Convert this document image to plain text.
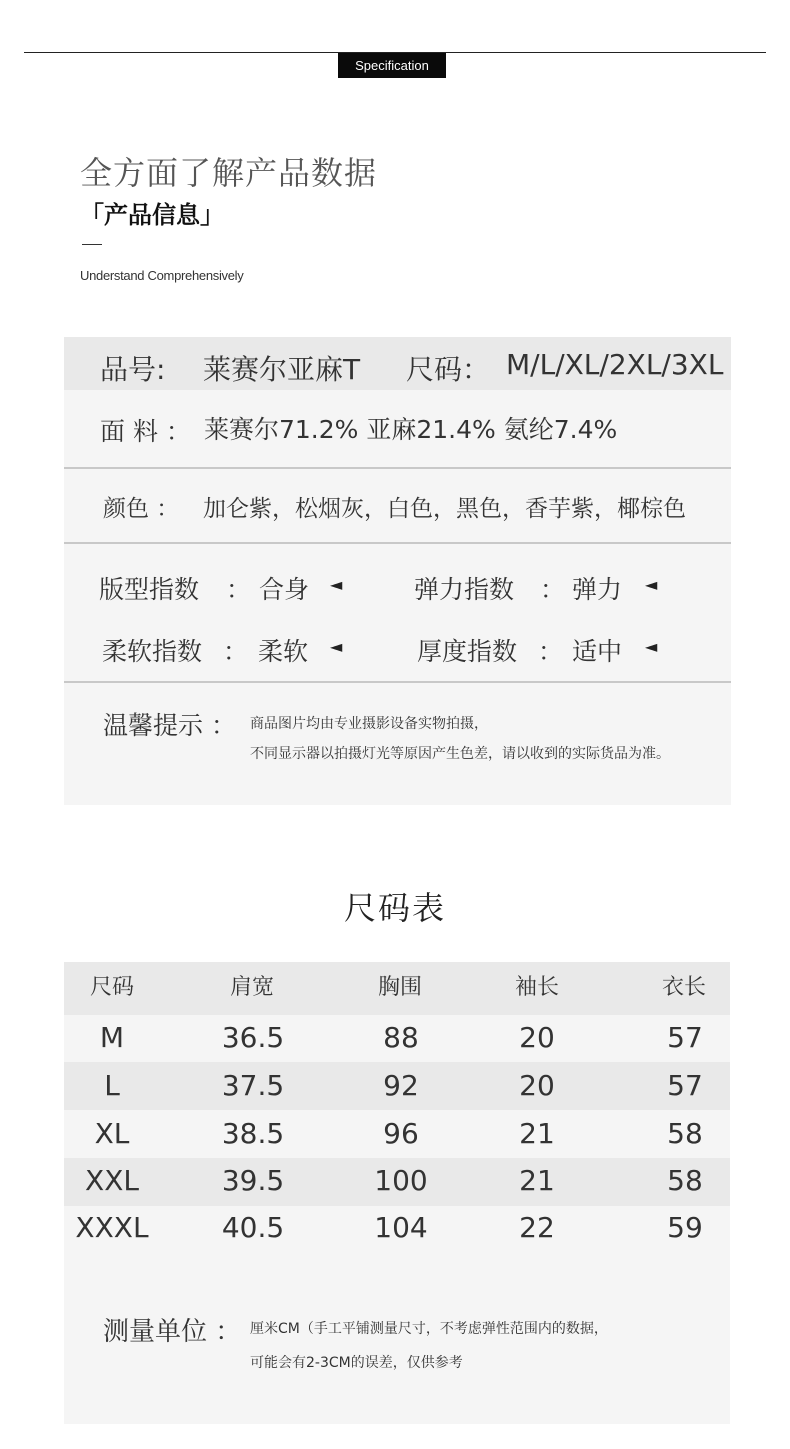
Specification
全方面了解产品数据
「产品信息」
Understand Comprehensively
品号: 莱赛尔亚麻T 尺码： M/L/XL/2XL/3XL
面 料 ： 莱赛尔71.2% 亚麻21.4% 氨纶7.4%
颜色 ： 加仑紫，松烟灰，白色，黑色，香芋紫，椰棕色
版型指数 ： 合身 ◄	弹力指数 ： 弹力 ◄
柔软指数 ： 柔软 ◄	厚度指数 ： 适中 ◄
温馨提示 ： 商品图片均由专业摄影设备实物拍摄，
不同显示器以拍摄灯光等原因产生色差，请以收到的实际货品为准。
尺码表
尺码	肩宽	胸围	袖长	衣长
M	36.5	88	20	57
L	37.5	92	20	57
XL	38.5	96	21	58
XXL	39.5	100	21	58
XXXL	40.5	104	22	59
测量单位 ： 厘米CM（手工平铺测量尺寸，不考虑弹性范围内的数据，
可能会有2-3CM的误差，仅供参考
